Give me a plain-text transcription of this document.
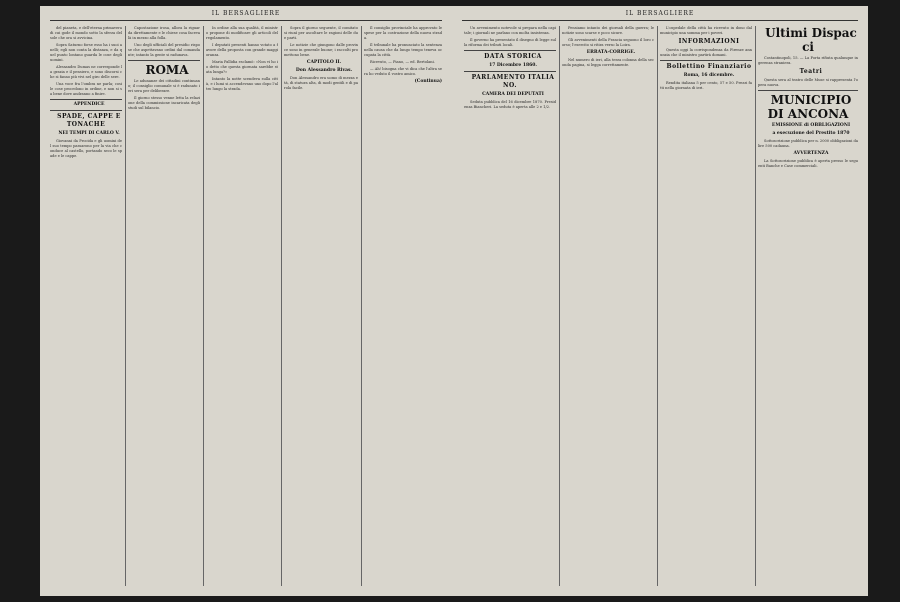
IL BERSAGLIERE

del pianeta, e dell'eterna primavera di cui gode il mondo sotto la sferza del sole che ora si avvicina.

Sopra Saturno forse esso ha i suoi anelli; egli non conta la distanza, e da quel punto lontano guarda le cose degli uomini.

Alessandro Dumas ne corresponde la grazia e il pensiero, e sono discorsi che si fanno più vivi nel giro delle sere.

Una voce fra l'ombra ne parla; cosi le cose procedono in ordine, e non si sa bene dove andranno a finire.

APPENDICE

SPADE, CAPPE E TONACHE

NEI TEMPI DI CARLO V.

Giovanni da Procida e gli uomini del suo tempo passarono per la via che conduce al castello, portando seco le spade e le cappe.

Capostazione irosa, allora la riguarda direttamente e le chiese cosa faceva là in mezzo alla folla.

Uno degli ufficiali del presidio rispose che aspettavano ordini dal comandante; intanto la gente si radunava.

ROMA

Le adunanze dei cittadini continuano; il consiglio comunale si è radunato ieri sera per deliberare.

Il giorno stesso venne letta la relazione della commissione incaricata degli studi sul bilancio.

In ordine alla sua qualità, il ministro propone di modificare gli articoli del regolamento.

I deputati presenti hanno votato a favore della proposta con grande maggioranza.

Maria Pallidia esclamò: «Non vi ho io detto che questa giornata sarebbe stata lunga?»

Intanto la notte scendeva sulla città, e i lumi si accendevano uno dopo l'altro lungo la strada.

Sopra il giorno seguente, il comitato si riunì per ascoltare le ragioni delle due parti.

Le notizie che giungono dalle province sono in generale buone; i raccolti promettono bene.

CAPITOLO II.

Don Alessandro Rivas.

Don Alessandro era uomo di mezza età, di statura alta, di modi gentili e di parola facile.

Il consiglio provinciale ha approvato le spese per la costruzione della nuova strada.

Il tribunale ha pronunciato la sentenza nella causa che da lungo tempo teneva occupata la città.

Ricevuto, — Piano, — ed. Bertolani.

— Ah! bisogna che vi dica che l'altra sera ho veduto il vostro amico.

(Continua)

IL BERSAGLIERE

Un avvenimento notevole si prepara nella capitale; i giornali ne parlano con molta insistenza.

Il governo ha presentato il disegno di legge sulla riforma dei tributi locali.

DATA STORICA

17 Dicembre 1860.

PARLAMENTO ITALIANO.

CAMERA DEI DEPUTATI

Seduta pubblica del 16 dicembre 1870. Presidenza Biancheri. La seduta è aperta alle 2 e 1/2.

Pensiamo intanto dei giornali della guerra; le notizie sono scarse e poco sicure.

Gli avvenimenti della Francia seguono il loro corso; l'esercito si ritira verso la Loira.

ERRATA-CORRIGE.

Nel numero di ieri, alla terza colonna della seconda pagina, si legga correttamente.

L'ospedale della città ha ricevuto in dono dal municipio una somma per i poveri.

INFORMAZIONI

Questa oggi la corrispondenza da Firenze annunzia che il ministro partirà domani.

Bollettino Finanziario

Roma, 16 dicembre.

Rendita italiana 5 per cento, 57 e 50. Prezzi fatti nella giornata di ieri.

Ultimi Dispacci

Costantinopoli, 15. — La Porta rifiuta qualunque ingerenza straniera.

Teatri

Questa sera al teatro delle Muse si rappresenta l'opera nuova.

MUNICIPIO DI ANCONA

EMISSIONE di OBBLIGAZIONI

a esecuzione del Prestito 1870

Sottoscrizione pubblica per n. 2000 obbligazioni da lire 500 cadauna.

AVVERTENZA

La Sottoscrizione pubblica è aperta presso le seguenti Banche e Case commerciali.
